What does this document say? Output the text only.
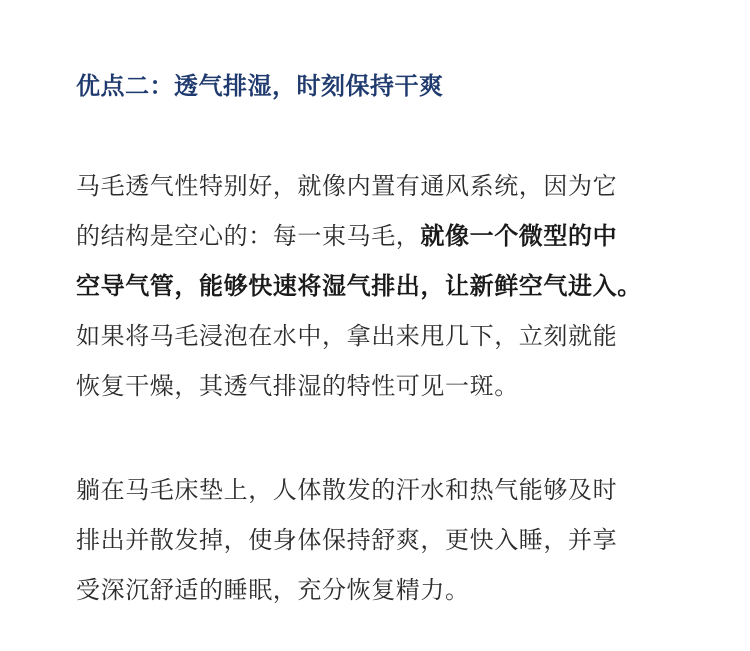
优点二：透气排湿，时刻保持干爽

马毛透气性特别好，就像内置有通风系统，因为它
的结构是空心的：每一束马毛，就像一个微型的中
空导气管，能够快速将湿气排出，让新鲜空气进入。
如果将马毛浸泡在水中，拿出来甩几下，立刻就能
恢复干燥，其透气排湿的特性可见一斑。

躺在马毛床垫上，人体散发的汗水和热气能够及时
排出并散发掉，使身体保持舒爽，更快入睡，并享
受深沉舒适的睡眠，充分恢复精力。
